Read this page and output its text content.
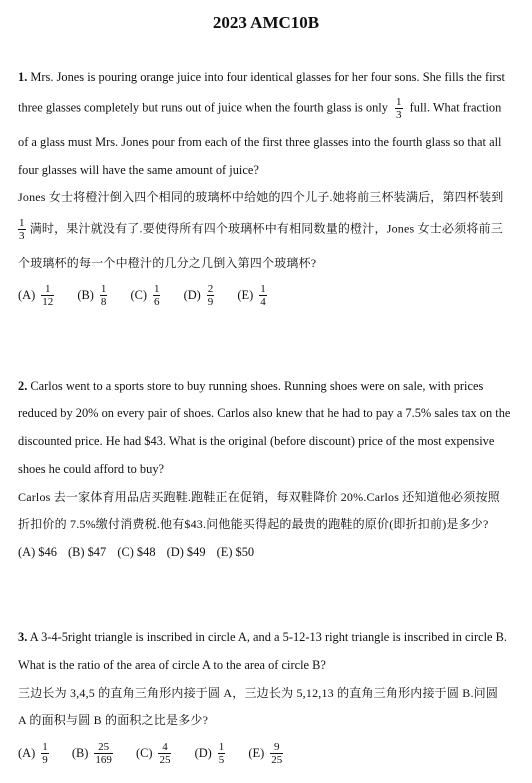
2023 AMC10B
1. Mrs. Jones is pouring orange juice into four identical glasses for her four sons. She fills the first
three glasses completely but runs out of juice when the fourth glass is only $\frac{1}{3}$ full. What fraction
of a glass must Mrs. Jones pour from each of the first three glasses into the fourth glass so that all
four glasses will have the same amount of juice?
Jones 女士将橙汁倒入四个相同的玻璃杯中给她的四个儿子.她将前三杯装满后，第四杯装到
$\frac{1}{3}$ 满时，果汁就没有了.要使得所有四个玻璃杯中有相同数量的橙汁，Jones 女士必须将前三
个玻璃杯的每一个中橙汁的几分之几倒入第四个玻璃杯?
$(A) \frac{1}{12}$
$(B) \frac{1}{8}$
$(C) \frac{1}{6}$
$(D) \frac{2}{9}$
$(E) \frac{1}{4}$
2. Carlos went to a sports store to buy running shoes. Running shoes were on sale, with prices
reduced by 20% on every pair of shoes. Carlos also knew that he had to pay a 7.5% sales tax on the
discounted price. He had $43. What is the original (before discount) price of the most expensive
shoes he could afford to buy?
Carlos 去一家体育用品店买跑鞋.跑鞋正在促销，每双鞋降价 20%.Carlos 还知道他必须按照
折扣价的 7.5%缴付消费税.他有$43.问他能买得起的最贵的跑鞋的原价(即折扣前)是多少?
(A) $46 (B) $47 (C) $48 (D) $49 (E) $50
3. A 3-4-5right triangle is inscribed in circle A, and a 5-12-13 right triangle is inscribed in circle B.
What is the ratio of the area of circle A to the area of circle B?
三边长为 3,4,5 的直角三角形内接于圆 A，三边长为 5,12,13 的直角三角形内接于圆 B.问圆
A 的面积与圆 B 的面积之比是多少?
$(A) \frac{1}{9}$
$(B) \frac{25}{169}$
$(C) \frac{4}{25}$
$(D) \frac{1}{5}$
$(E) \frac{9}{25}$
